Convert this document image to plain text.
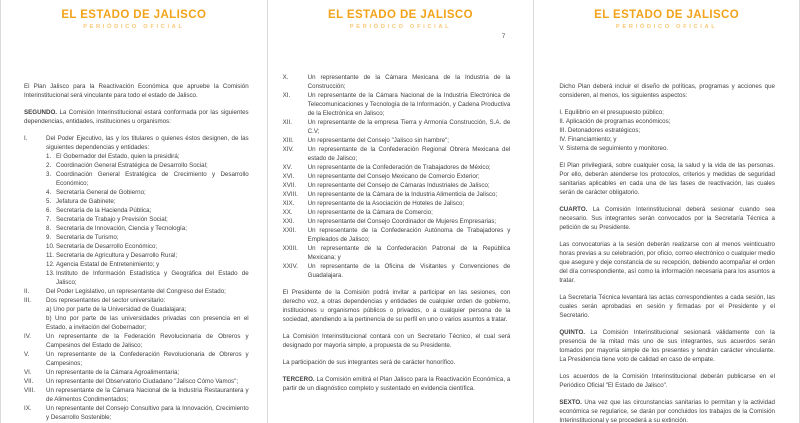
EL ESTADO DE JALISCO
PERIÓDICO OFICIAL
El Plan Jalisco para la Reactivación Económica que apruebe la Comisión Interinstitucional será vinculante para todo el estado de Jalisco.
SEGUNDO. La Comisión Interinstitucional estará conformada por las siguientes dependencias, entidades, instituciones u organismos:
I.	Del Poder Ejecutivo, las y los titulares o quienes éstos designen, de las siguientes dependencias y entidades:
1. El Gobernador del Estado, quien la presidirá;
2. Coordinación General Estratégica de Desarrollo Social;
3. Coordinación General Estratégica de Crecimiento y Desarrollo Económico;
4. Secretaría General de Gobierno;
5. Jefatura de Gabinete;
6. Secretaría de la Hacienda Pública;
7. Secretaría de Trabajo y Previsión Social;
8. Secretaría de Innovación, Ciencia y Tecnología;
9. Secretaría de Turismo;
10. Secretaría de Desarrollo Económico;
11. Secretaría de Agricultura y Desarrollo Rural;
12. Agencia Estatal de Entretenimiento; y
13. Instituto de Información Estadística y Geográfica del Estado de Jalisco;
II.	Del Poder Legislativo, un representante del Congreso del Estado;
III.	Dos representantes del sector universitario:
a) Uno por parte de la Universidad de Guadalajara;
b) Uno por parte de las universidades privadas con presencia en el Estado, a invitación del Gobernador;
IV.	Un representante de la Federación Revolucionaria de Obreros y Campesinos del Estado de Jalisco;
V.	Un representante de la Confederación Revolucionaria de Obreros y Campesinos;
VI.	Un representante de la Cámara Agroalimentaria;
VII.	Un representante del Observatorio Ciudadano "Jalisco Cómo Vamos";
VIII.	Un representante de la Cámara Nacional de la Industria Restaurantera y de Alimentos Condimentados;
IX.	Un representante del Consejo Consultivo para la Innovación, Crecimiento y Desarrollo Sostenible;
EL ESTADO DE JALISCO
PERIÓDICO OFICIAL
7
X.	Un representante de la Cámara Mexicana de la Industria de la Construcción;
XI.	Un representante de la Cámara Nacional de la Industria Electrónica de Telecomunicaciones y Tecnología de la Información, y Cadena Productiva de la Electrónica en Jalisco;
XII.	Un representante de la empresa Tierra y Armonía Construcción, S.A. de C.V;
XIII.	Un representante del Consejo "Jalisco sin hambre";
XIV.	Un representante de la Confederación Regional Obrera Mexicana del estado de Jalisco;
XV.	Un representante de la Confederación de Trabajadores de México;
XVI.	Un representante del Consejo Mexicano de Comercio Exterior;
XVII.	Un representante del Consejo de Cámaras Industriales de Jalisco;
XVIII.	Un representante de la Cámara de la Industria Alimenticia de Jalisco;
XIX.	Un representante de la Asociación de Hoteles de Jalisco;
XX.	Un representante de la Cámara de Comercio;
XXI.	Un representante del Consejo Coordinador de Mujeres Empresarias;
XXII.	Un representante de la Confederación Autónoma de Trabajadores y Empleados de Jalisco;
XXIII.	Un representante de la Confederación Patronal de la República Mexicana; y
XXIV.	Un representante de la Oficina de Visitantes y Convenciones de Guadalajara.
El Presidente de la Comisión podrá invitar a participar en las sesiones, con derecho voz, a otras dependencias y entidades de cualquier orden de gobierno, instituciones u organismos públicos o privados, o a cualquier persona de la sociedad, atendiendo a la pertinencia de su perfil en uno o varios asuntos a tratar.
La Comisión Interinstitucional contará con un Secretario Técnico, el cual será designado por mayoría simple, a propuesta de su Presidente.
La participación de sus integrantes será de carácter honorífico.
TERCERO. La Comisión emitirá el Plan Jalisco para la Reactivación Económica, a partir de un diagnóstico completo y sustentado en evidencia científica.
EL ESTADO DE JALISCO
PERIÓDICO OFICIAL
Dicho Plan deberá incluir el diseño de políticas, programas y acciones que consideren, al menos, los siguientes aspectos:
I. Equilibrio en el presupuesto público;
II. Aplicación de programas económicos;
III. Detonadores estratégicos;
IV. Financiamiento; y
V. Sistema de seguimiento y monitoreo.
El Plan privilegiará, sobre cualquier cosa, la salud y la vida de las personas. Por ello, deberán atenderse los protocolos, criterios y medidas de seguridad sanitarias aplicables en cada una de las fases de reactivación, las cuales serán de carácter obligatorio.
CUARTO. La Comisión Interinstitucional deberá sesionar cuando sea necesario. Sus integrantes serán convocados por la Secretaría Técnica a petición de su Presidente.
Las convocatorias a la sesión deberán realizarse con al menos veinticuatro horas previas a su celebración, por oficio, correo electrónico o cualquier medio que asegure y deje constancia de su recepción, debiendo acompañar el orden del día correspondiente, así como la información necesaria para los asuntos a tratar.
La Secretaría Técnica levantará las actas correspondientes a cada sesión, las cuales serán aprobadas en sesión y firmadas por el Presidente y el Secretario.
QUINTO. La Comisión Interinstitucional sesionará válidamente con la presencia de la mitad más uno de sus integrantes, sus acuerdos serán tomados por mayoría simple de los presentes y tendrán carácter vinculante. La Presidencia tiene voto de calidad en caso de empate.
Los acuerdos de la Comisión Interinstitucional deberán publicarse en el Periódico Oficial "El Estado de Jalisco".
SEXTO. Una vez que las circunstancias sanitarias lo permitan y la actividad económica se regularice, se darán por concluidos los trabajos de la Comisión Interinstitucional y se procederá a su extinción.
